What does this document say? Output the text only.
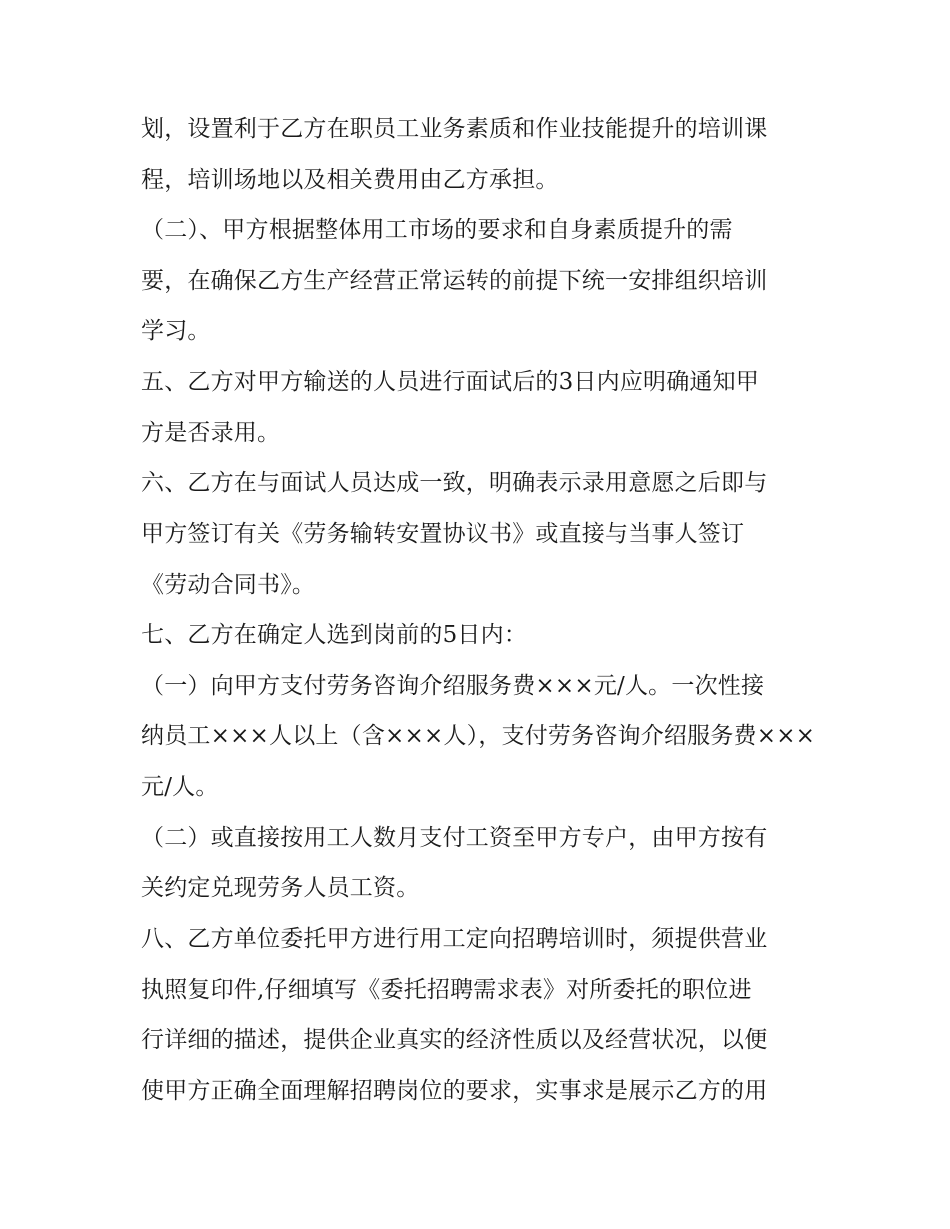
划，设置利于乙方在职员工业务素质和作业技能提升的培训课
程，培训场地以及相关费用由乙方承担。
（二）、甲方根据整体用工市场的要求和自身素质提升的需
要，在确保乙方生产经营正常运转的前提下统一安排组织培训
学习。
五、乙方对甲方输送的人员进行面试后的3日内应明确通知甲
方是否录用。
六、乙方在与面试人员达成一致，明确表示录用意愿之后即与
甲方签订有关《劳务输转安置协议书》或直接与当事人签订
《劳动合同书》。
七、乙方在确定人选到岗前的5日内：
（一）向甲方支付劳务咨询介绍服务费×××元/人。一次性接
纳员工×××人以上（含×××人），支付劳务咨询介绍服务费×××
元/人。
（二）或直接按用工人数月支付工资至甲方专户，由甲方按有
关约定兑现劳务人员工资。
八、乙方单位委托甲方进行用工定向招聘培训时，须提供营业
执照复印件,仔细填写《委托招聘需求表》对所委托的职位进
行详细的描述，提供企业真实的经济性质以及经营状况，以便
使甲方正确全面理解招聘岗位的要求，实事求是展示乙方的用
